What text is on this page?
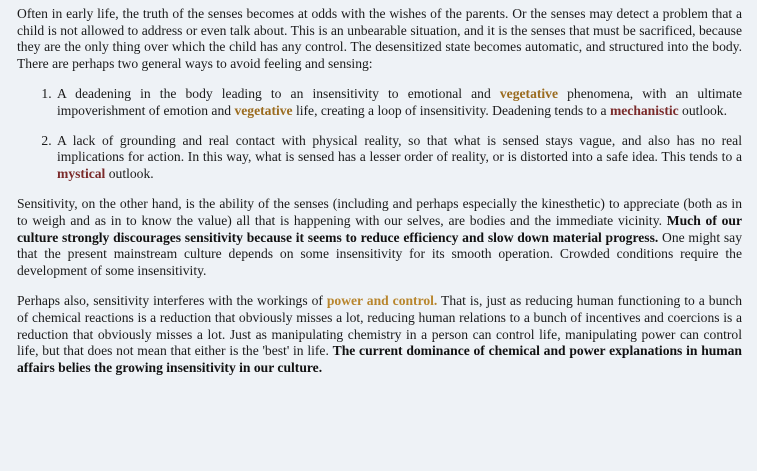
Often in early life, the truth of the senses becomes at odds with the wishes of the parents. Or the senses may detect a problem that a child is not allowed to address or even talk about. This is an unbearable situation, and it is the senses that must be sacrificed, because they are the only thing over which the child has any control. The desensitized state becomes automatic, and structured into the body. There are perhaps two general ways to avoid feeling and sensing:

1. A deadening in the body leading to an insensitivity to emotional and vegetative phenomena, with an ultimate impoverishment of emotion and vegetative life, creating a loop of insensitivity. Deadening tends to a mechanistic outlook.
2. A lack of grounding and real contact with physical reality, so that what is sensed stays vague, and also has no real implications for action. In this way, what is sensed has a lesser order of reality, or is distorted into a safe idea. This tends to a mystical outlook.

Sensitivity, on the other hand, is the ability of the senses (including and perhaps especially the kinesthetic) to appreciate (both as in to weigh and as in to know the value) all that is happening with our selves, are bodies and the immediate vicinity. Much of our culture strongly discourages sensitivity because it seems to reduce efficiency and slow down material progress. One might say that the present mainstream culture depends on some insensitivity for its smooth operation. Crowded conditions require the development of some insensitivity.

Perhaps also, sensitivity interferes with the workings of power and control. That is, just as reducing human functioning to a bunch of chemical reactions is a reduction that obviously misses a lot, reducing human relations to a bunch of incentives and coercions is a reduction that obviously misses a lot. Just as manipulating chemistry in a person can control life, manipulating power can control life, but that does not mean that either is the 'best' in life. The current dominance of chemical and power explanations in human affairs belies the growing insensitivity in our culture.
